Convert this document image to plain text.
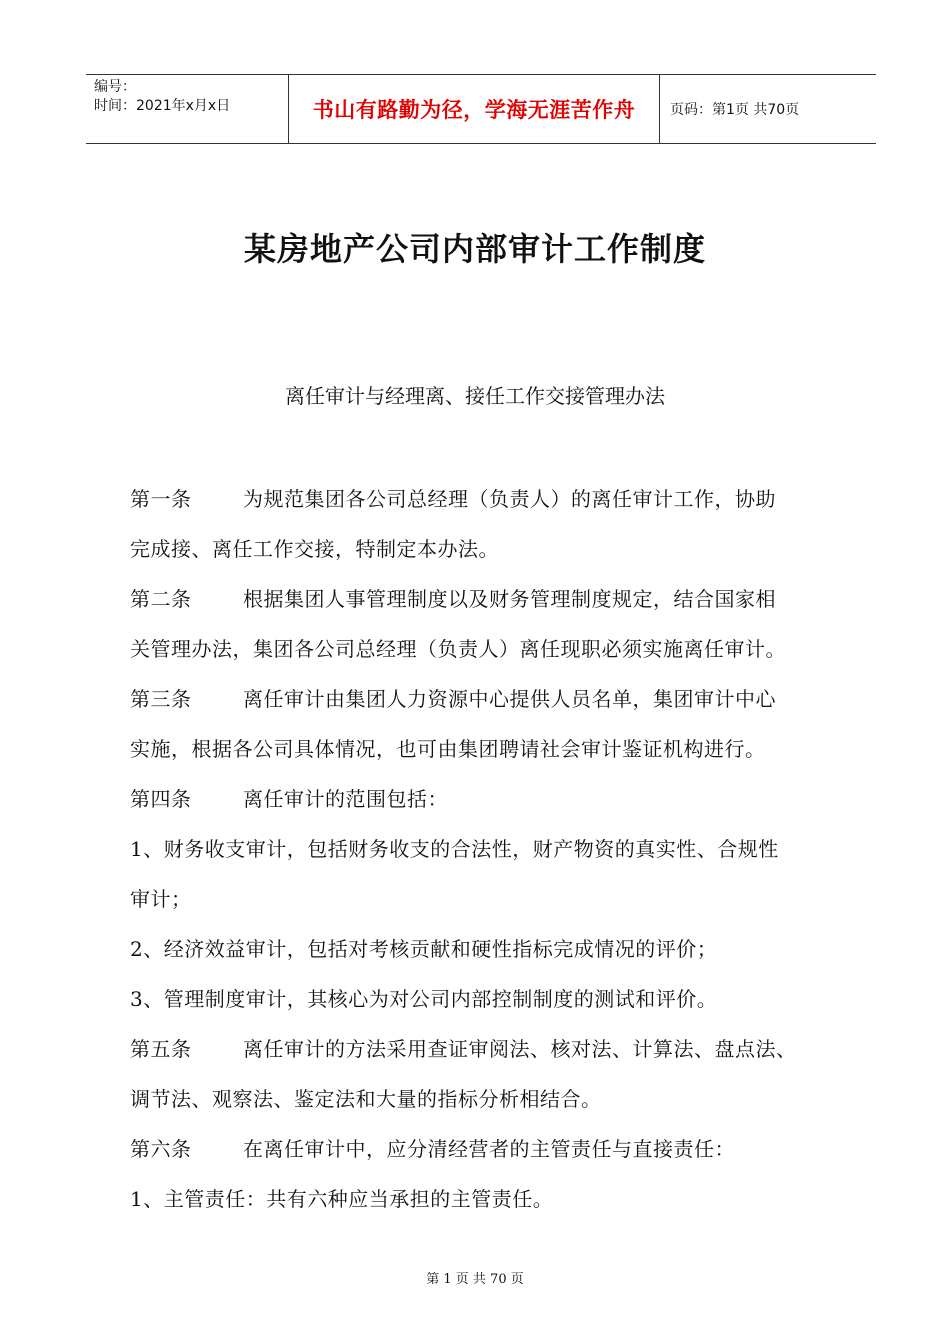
编号：
时间：2021年x月x日	书山有路勤为径，学海无涯苦作舟	页码：第1页 共70页
某房地产公司内部审计工作制度
离任审计与经理离、接任工作交接管理办法

第一条	为规范集团各公司总经理（负责人）的离任审计工作，协助

完成接、离任工作交接，特制定本办法。

第二条	根据集团人事管理制度以及财务管理制度规定，结合国家相

关管理办法，集团各公司总经理（负责人）离任现职必须实施离任审计。

第三条	离任审计由集团人力资源中心提供人员名单，集团审计中心

实施，根据各公司具体情况，也可由集团聘请社会审计鉴证机构进行。

第四条	离任审计的范围包括：

1、财务收支审计，包括财务收支的合法性，财产物资的真实性、合规性

审计；

2、经济效益审计，包括对考核贡献和硬性指标完成情况的评价；

3、管理制度审计，其核心为对公司内部控制制度的测试和评价。

第五条	离任审计的方法采用查证审阅法、核对法、计算法、盘点法、

调节法、观察法、鉴定法和大量的指标分析相结合。

第六条	在离任审计中，应分清经营者的主管责任与直接责任：

1、主管责任：共有六种应当承担的主管责任。

第 1 页 共 70 页
